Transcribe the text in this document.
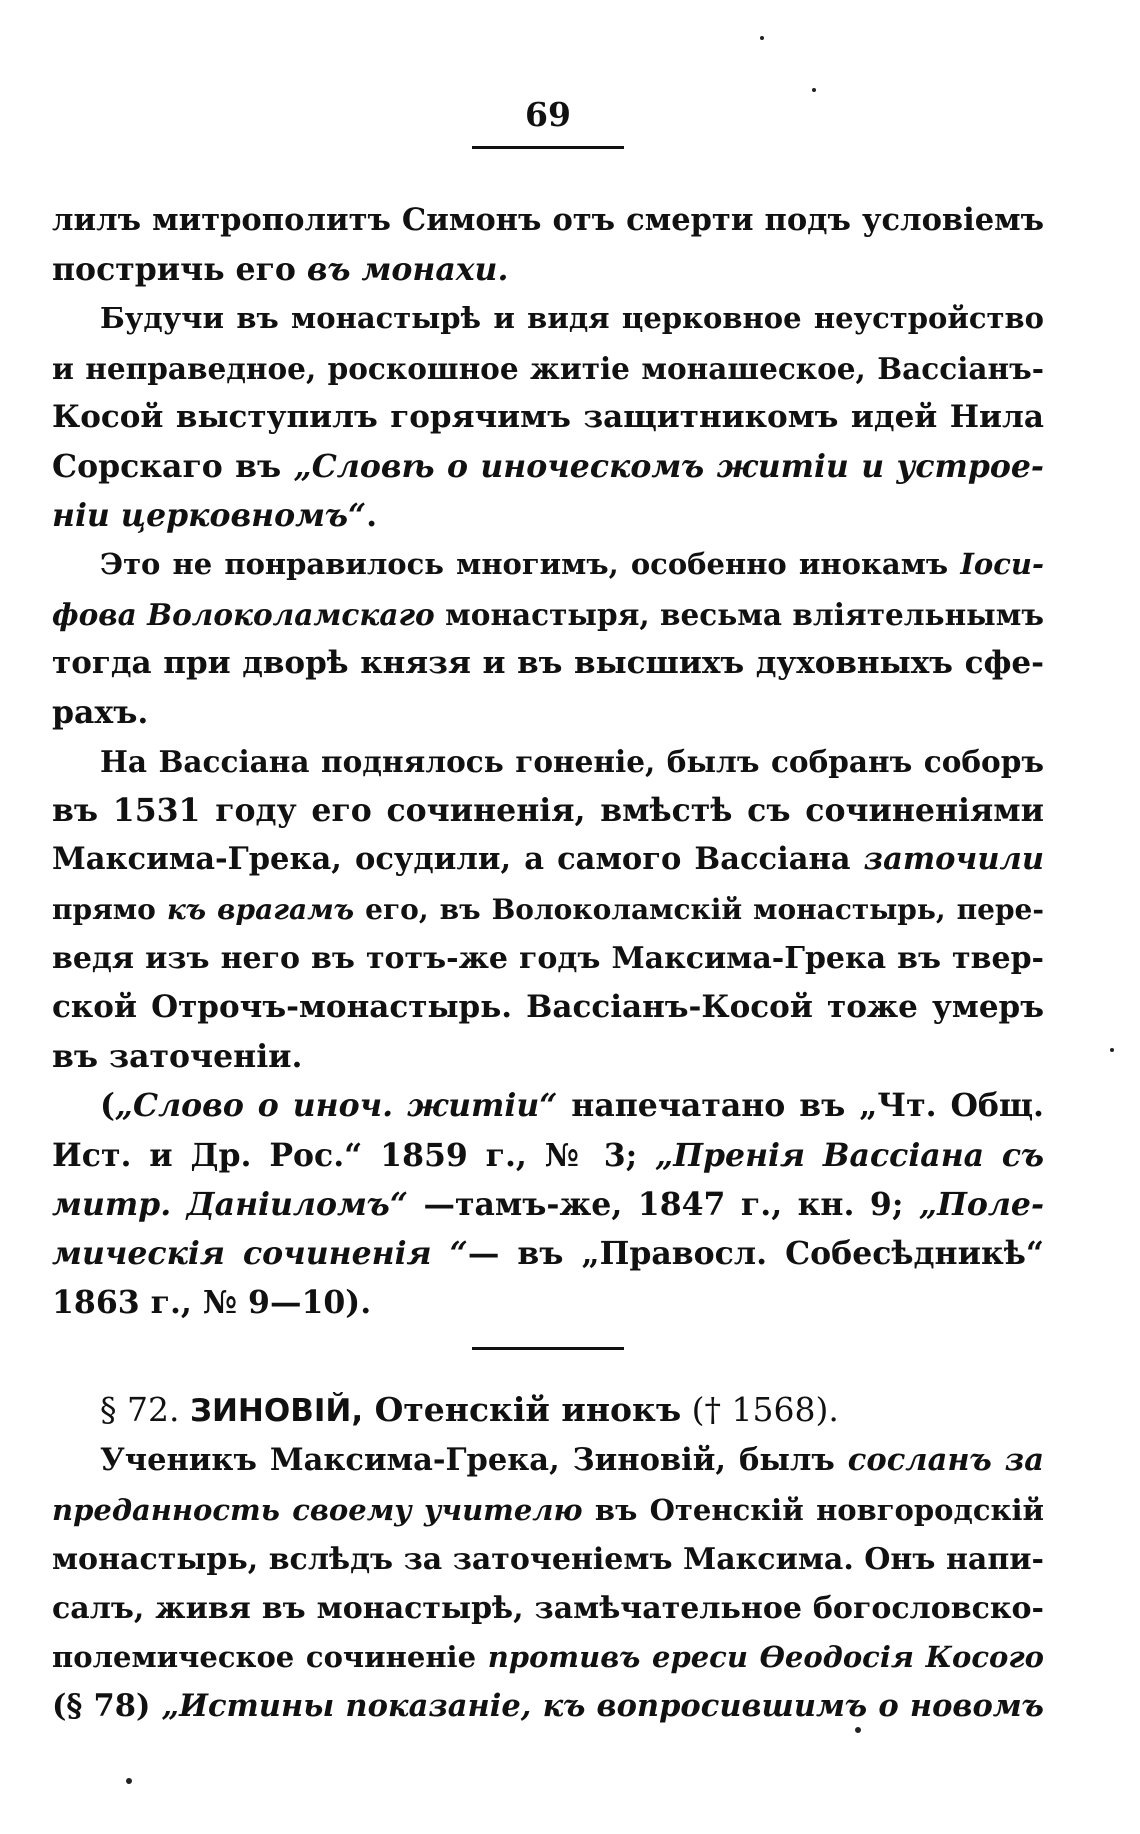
69
лилъ митрополитъ Симонъ отъ смерти подъ условіемъ
постричь его въ монахи.
Будучи въ монастырѣ и видя церковное неустройство
и неправедное, роскошное житіе монашеское, Вассіанъ-
Косой выступилъ горячимъ защитникомъ идей Нила
Сорскаго въ „Словѣ о иноческомъ житіи и устрое-
ніи церковномъ“.
Это не понравилось многимъ, особенно инокамъ Іоси-
фова Волоколамскаго монастыря, весьма вліятельнымъ
тогда при дворѣ князя и въ высшихъ духовныхъ сфе-
рахъ.
На Вассіана поднялось гоненіе, былъ собранъ соборъ
въ 1531 году его сочиненія, вмѣстѣ съ сочиненіями
Максима-Грека, осудили, а самого Вассіана заточили
прямо къ врагамъ его, въ Волоколамскій монастырь, пере-
ведя изъ него въ тотъ-же годъ Максима-Грека въ твер-
ской Отрочъ-монастырь. Вассіанъ-Косой тоже умеръ
въ заточеніи.
(„Слово о иноч. житіи“ напечатано въ „Чт. Общ.
Ист. и Др. Рос.“ 1859 г., № 3; „Пренія Вассіана съ
митр. Даніиломъ“ —тамъ-же, 1847 г., кн. 9; „Поле-
мическія сочиненія “— въ „Правосл. Собесѣдникѣ“
1863 г., № 9—10).
§ 72. ЗИНОВІЙ, Отенскій инокъ († 1568).
Ученикъ Максима-Грека, Зиновій, былъ сосланъ за
преданность своему учителю въ Отенскій новгородскій
монастырь, вслѣдъ за заточеніемъ Максима. Онъ напи-
салъ, живя въ монастырѣ, замѣчательное богословско-
полемическое сочиненіе противъ ереси Ѳеодосія Косого
(§ 78) „Истины показаніе, къ вопросившимъ о новомъ
